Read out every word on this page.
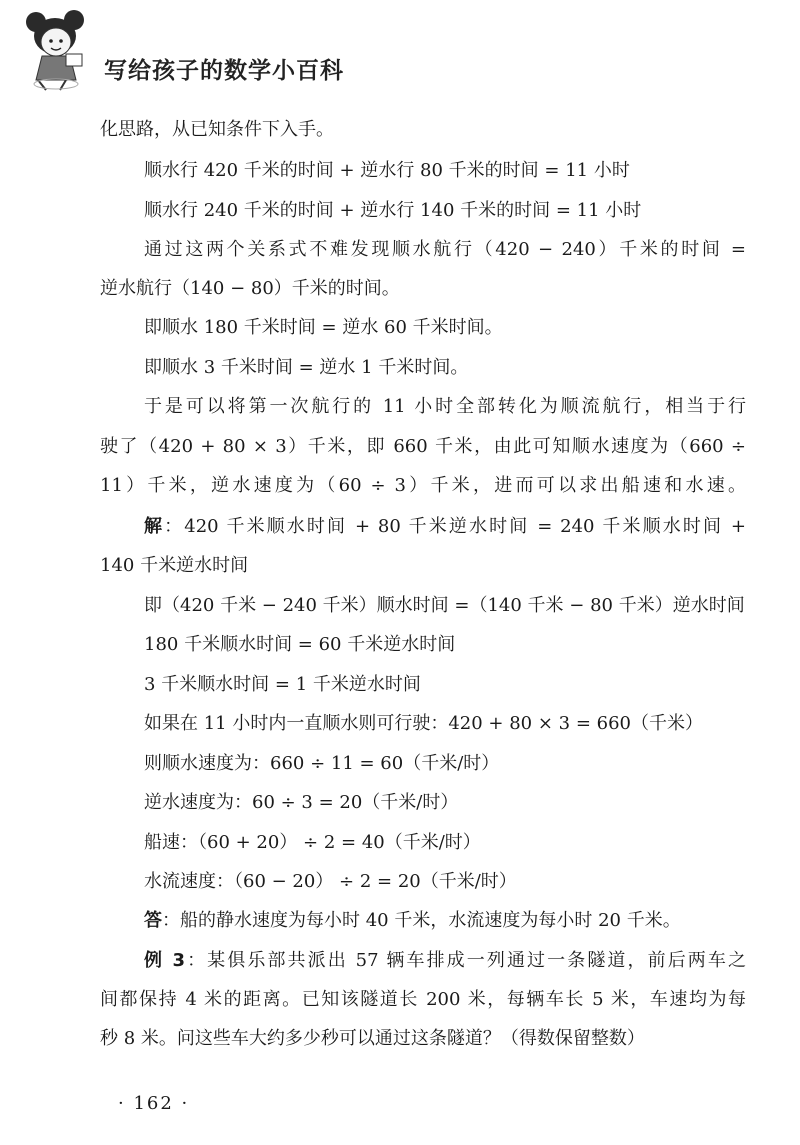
写给孩子的数学小百科
化思路，从已知条件下入手。
顺水行 420 千米的时间 + 逆水行 80 千米的时间 = 11 小时
顺水行 240 千米的时间 + 逆水行 140 千米的时间 = 11 小时
通过这两个关系式不难发现顺水航行（420 − 240）千米的时间 =
逆水航行（140 − 80）千米的时间。
即顺水 180 千米时间 = 逆水 60 千米时间。
即顺水 3 千米时间 = 逆水 1 千米时间。
于是可以将第一次航行的 11 小时全部转化为顺流航行，相当于行
驶了（420 + 80 × 3）千米，即 660 千米，由此可知顺水速度为（660 ÷
11）千米，逆水速度为（60 ÷ 3）千米，进而可以求出船速和水速。
解：420 千米顺水时间 + 80 千米逆水时间 = 240 千米顺水时间 +
140 千米逆水时间
即（420 千米 − 240 千米）顺水时间 =（140 千米 − 80 千米）逆水时间
180 千米顺水时间 = 60 千米逆水时间
3 千米顺水时间 = 1 千米逆水时间
如果在 11 小时内一直顺水则可行驶：420 + 80 × 3 = 660（千米）
则顺水速度为：660 ÷ 11 = 60（千米/时）
逆水速度为：60 ÷ 3 = 20（千米/时）
船速：（60 + 20） ÷ 2 = 40（千米/时）
水流速度：（60 − 20） ÷ 2 = 20（千米/时）
答：船的静水速度为每小时 40 千米，水流速度为每小时 20 千米。
例 3：某俱乐部共派出 57 辆车排成一列通过一条隧道，前后两车之
间都保持 4 米的距离。已知该隧道长 200 米，每辆车长 5 米，车速均为每
秒 8 米。问这些车大约多少秒可以通过这条隧道？（得数保留整数）
· 162 ·
